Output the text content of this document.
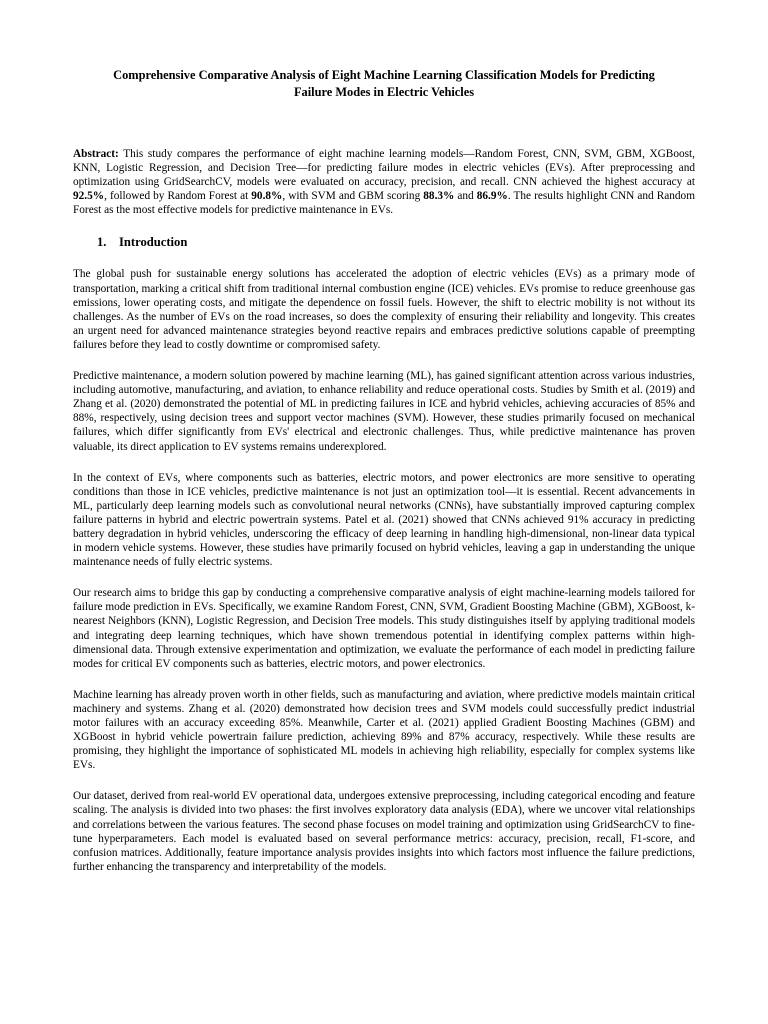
Comprehensive Comparative Analysis of Eight Machine Learning Classification Models for Predicting Failure Modes in Electric Vehicles
Abstract: This study compares the performance of eight machine learning models—Random Forest, CNN, SVM, GBM, XGBoost, KNN, Logistic Regression, and Decision Tree—for predicting failure modes in electric vehicles (EVs). After preprocessing and optimization using GridSearchCV, models were evaluated on accuracy, precision, and recall. CNN achieved the highest accuracy at 92.5%, followed by Random Forest at 90.8%, with SVM and GBM scoring 88.3% and 86.9%. The results highlight CNN and Random Forest as the most effective models for predictive maintenance in EVs.
1. Introduction

The global push for sustainable energy solutions has accelerated the adoption of electric vehicles (EVs) as a primary mode of transportation, marking a critical shift from traditional internal combustion engine (ICE) vehicles. EVs promise to reduce greenhouse gas emissions, lower operating costs, and mitigate the dependence on fossil fuels. However, the shift to electric mobility is not without its challenges. As the number of EVs on the road increases, so does the complexity of ensuring their reliability and longevity. This creates an urgent need for advanced maintenance strategies beyond reactive repairs and embraces predictive solutions capable of preempting failures before they lead to costly downtime or compromised safety.

Predictive maintenance, a modern solution powered by machine learning (ML), has gained significant attention across various industries, including automotive, manufacturing, and aviation, to enhance reliability and reduce operational costs. Studies by Smith et al. (2019) and Zhang et al. (2020) demonstrated the potential of ML in predicting failures in ICE and hybrid vehicles, achieving accuracies of 85% and 88%, respectively, using decision trees and support vector machines (SVM). However, these studies primarily focused on mechanical failures, which differ significantly from EVs' electrical and electronic challenges. Thus, while predictive maintenance has proven valuable, its direct application to EV systems remains underexplored.

In the context of EVs, where components such as batteries, electric motors, and power electronics are more sensitive to operating conditions than those in ICE vehicles, predictive maintenance is not just an optimization tool—it is essential. Recent advancements in ML, particularly deep learning models such as convolutional neural networks (CNNs), have substantially improved capturing complex failure patterns in hybrid and electric powertrain systems. Patel et al. (2021) showed that CNNs achieved 91% accuracy in predicting battery degradation in hybrid vehicles, underscoring the efficacy of deep learning in handling high-dimensional, non-linear data typical in modern vehicle systems. However, these studies have primarily focused on hybrid vehicles, leaving a gap in understanding the unique maintenance needs of fully electric systems.

Our research aims to bridge this gap by conducting a comprehensive comparative analysis of eight machine-learning models tailored for failure mode prediction in EVs. Specifically, we examine Random Forest, CNN, SVM, Gradient Boosting Machine (GBM), XGBoost, k-nearest Neighbors (KNN), Logistic Regression, and Decision Tree models. This study distinguishes itself by applying traditional models and integrating deep learning techniques, which have shown tremendous potential in identifying complex patterns within high-dimensional data. Through extensive experimentation and optimization, we evaluate the performance of each model in predicting failure modes for critical EV components such as batteries, electric motors, and power electronics.

Machine learning has already proven worth in other fields, such as manufacturing and aviation, where predictive models maintain critical machinery and systems. Zhang et al. (2020) demonstrated how decision trees and SVM models could successfully predict industrial motor failures with an accuracy exceeding 85%. Meanwhile, Carter et al. (2021) applied Gradient Boosting Machines (GBM) and XGBoost in hybrid vehicle powertrain failure prediction, achieving 89% and 87% accuracy, respectively. While these results are promising, they highlight the importance of sophisticated ML models in achieving high reliability, especially for complex systems like EVs.

Our dataset, derived from real-world EV operational data, undergoes extensive preprocessing, including categorical encoding and feature scaling. The analysis is divided into two phases: the first involves exploratory data analysis (EDA), where we uncover vital relationships and correlations between the various features. The second phase focuses on model training and optimization using GridSearchCV to fine-tune hyperparameters. Each model is evaluated based on several performance metrics: accuracy, precision, recall, F1-score, and confusion matrices. Additionally, feature importance analysis provides insights into which factors most influence the failure predictions, further enhancing the transparency and interpretability of the models.
